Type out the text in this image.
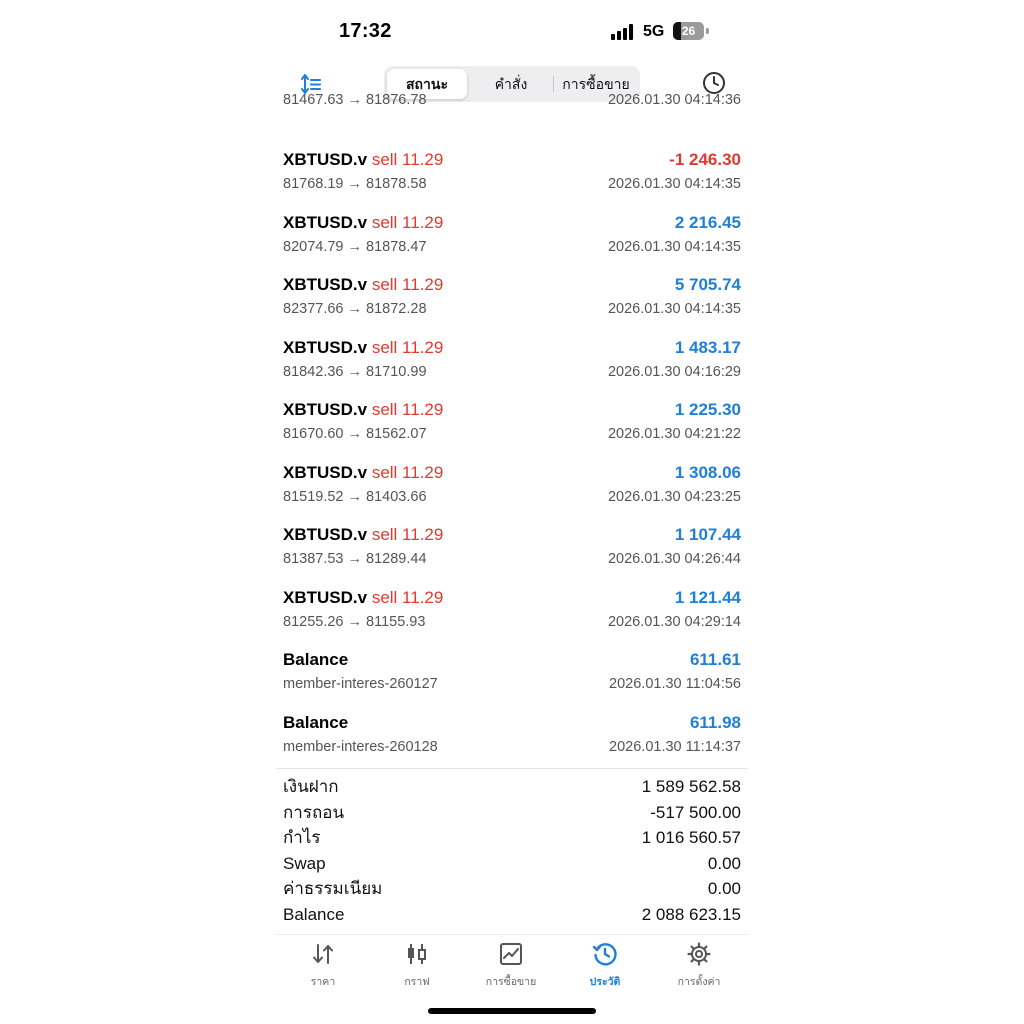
17:32	5G	26
สถานะ	คำสั่ง	การซื้อขาย
81467.63 → 81876.78	2026.01.30 04:14:36
XBTUSD.v sell 11.29	-1 246.30
81768.19 → 81878.58	2026.01.30 04:14:35
XBTUSD.v sell 11.29	2 216.45
82074.79 → 81878.47	2026.01.30 04:14:35
XBTUSD.v sell 11.29	5 705.74
82377.66 → 81872.28	2026.01.30 04:14:35
XBTUSD.v sell 11.29	1 483.17
81842.36 → 81710.99	2026.01.30 04:16:29
XBTUSD.v sell 11.29	1 225.30
81670.60 → 81562.07	2026.01.30 04:21:22
XBTUSD.v sell 11.29	1 308.06
81519.52 → 81403.66	2026.01.30 04:23:25
XBTUSD.v sell 11.29	1 107.44
81387.53 → 81289.44	2026.01.30 04:26:44
XBTUSD.v sell 11.29	1 121.44
81255.26 → 81155.93	2026.01.30 04:29:14
Balance	611.61
member-interes-260127	2026.01.30 11:04:56
Balance	611.98
member-interes-260128	2026.01.30 11:14:37
เงินฝาก	1 589 562.58
การถอน	-517 500.00
กำไร	1 016 560.57
Swap	0.00
ค่าธรรมเนียม	0.00
Balance	2 088 623.15
ราคา	กราฟ	การซื้อขาย	ประวัติ	การตั้งค่า
